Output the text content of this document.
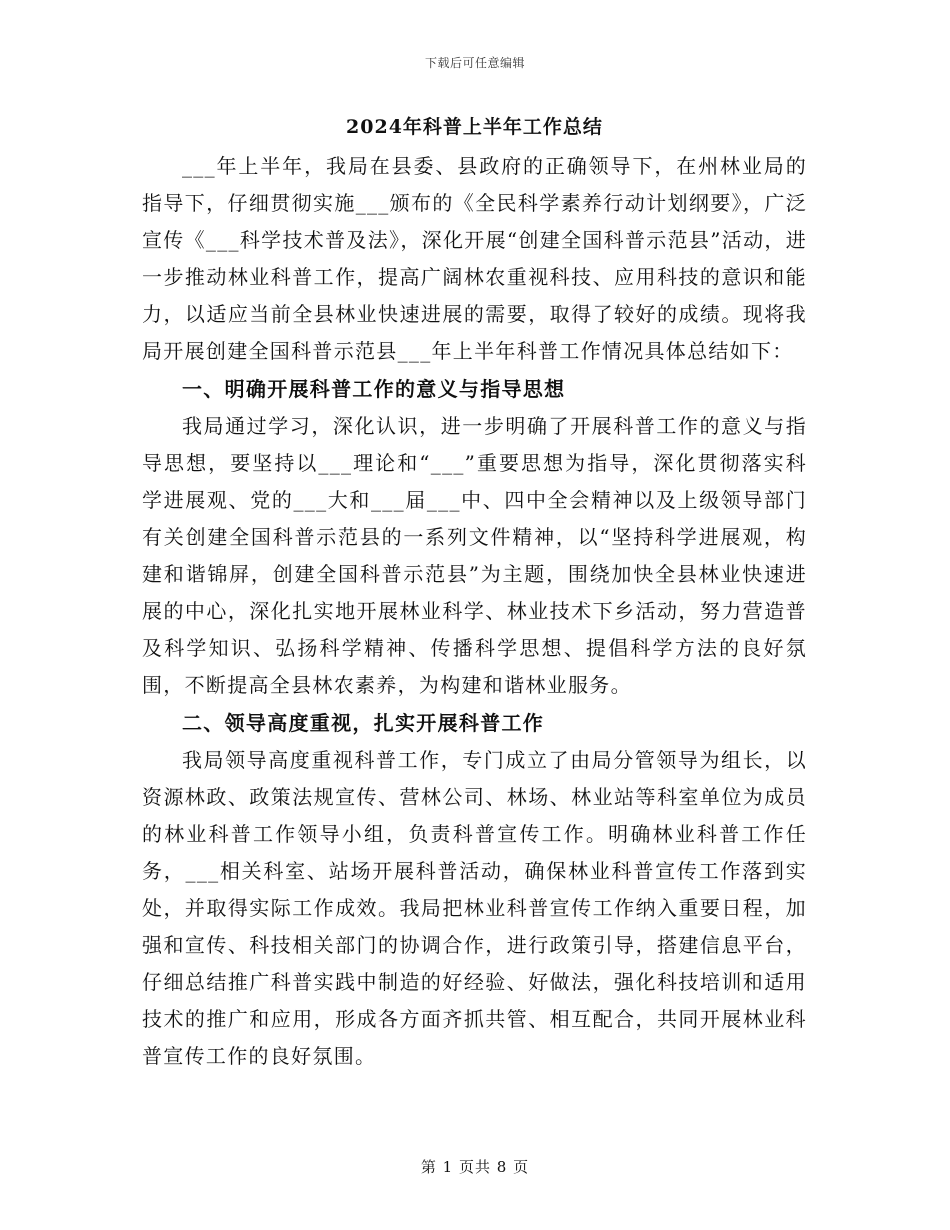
下载后可任意编辑
2024年科普上半年工作总结

___年上半年，我局在县委、县政府的正确领导下，在州林业局的指导下，仔细贯彻实施___颁布的《全民科学素养行动计划纲要》，广泛宣传《___科学技术普及法》，深化开展“创建全国科普示范县”活动，进一步推动林业科普工作，提高广阔林农重视科技、应用科技的意识和能力，以适应当前全县林业快速进展的需要，取得了较好的成绩。现将我局开展创建全国科普示范县___年上半年科普工作情况具体总结如下：

一、明确开展科普工作的意义与指导思想

我局通过学习，深化认识，进一步明确了开展科普工作的意义与指导思想，要坚持以___理论和“___”重要思想为指导，深化贯彻落实科学进展观、党的___大和___届___中、四中全会精神以及上级领导部门有关创建全国科普示范县的一系列文件精神，以“坚持科学进展观，构建和谐锦屏，创建全国科普示范县”为主题，围绕加快全县林业快速进展的中心，深化扎实地开展林业科学、林业技术下乡活动，努力营造普及科学知识、弘扬科学精神、传播科学思想、提倡科学方法的良好氛围，不断提高全县林农素养，为构建和谐林业服务。

二、领导高度重视，扎实开展科普工作

我局领导高度重视科普工作，专门成立了由局分管领导为组长，以资源林政、政策法规宣传、营林公司、林场、林业站等科室单位为成员的林业科普工作领导小组，负责科普宣传工作。明确林业科普工作任务，___相关科室、站场开展科普活动，确保林业科普宣传工作落到实处，并取得实际工作成效。我局把林业科普宣传工作纳入重要日程，加强和宣传、科技相关部门的协调合作，进行政策引导，搭建信息平台，仔细总结推广科普实践中制造的好经验、好做法，强化科技培训和适用技术的推广和应用，形成各方面齐抓共管、相互配合，共同开展林业科普宣传工作的良好氛围。

第 1 页共 8 页
